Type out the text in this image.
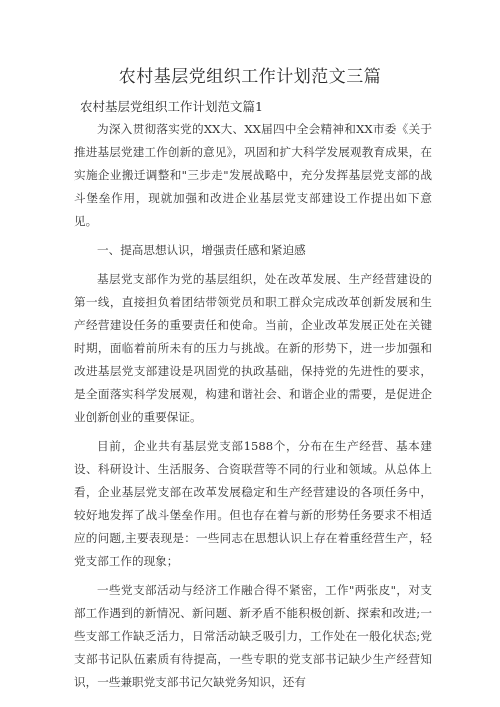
农村基层党组织工作计划范文三篇
农村基层党组织工作计划范文篇1

为深入贯彻落实党的XX大、XX届四中全会精神和XX市委《关于推进基层党建工作创新的意见》，巩固和扩大科学发展观教育成果，在实施企业搬迁调整和"三步走"发展战略中，充分发挥基层党支部的战斗堡垒作用，现就加强和改进企业基层党支部建设工作提出如下意见。

一、提高思想认识，增强责任感和紧迫感

基层党支部作为党的基层组织，处在改革发展、生产经营建设的第一线，直接担负着团结带领党员和职工群众完成改革创新发展和生产经营建设任务的重要责任和使命。当前，企业改革发展正处在关键时期，面临着前所未有的压力与挑战。在新的形势下，进一步加强和改进基层党支部建设是巩固党的执政基础，保持党的先进性的要求，是全面落实科学发展观，构建和谐社会、和谐企业的需要，是促进企业创新创业的重要保证。

目前，企业共有基层党支部1588个，分布在生产经营、基本建设、科研设计、生活服务、合资联营等不同的行业和领域。从总体上看，企业基层党支部在改革发展稳定和生产经营建设的各项任务中，较好地发挥了战斗堡垒作用。但也存在着与新的形势任务要求不相适应的问题,主要表现是：一些同志在思想认识上存在着重经营生产，轻党支部工作的现象；

一些党支部活动与经济工作融合得不紧密，工作"两张皮"，对支部工作遇到的新情况、新问题、新矛盾不能积极创新、探索和改进;一些支部工作缺乏活力，日常活动缺乏吸引力，工作处在一般化状态;党支部书记队伍素质有待提高，一些专职的党支部书记缺少生产经营知识，一些兼职党支部书记欠缺党务知识，还有
